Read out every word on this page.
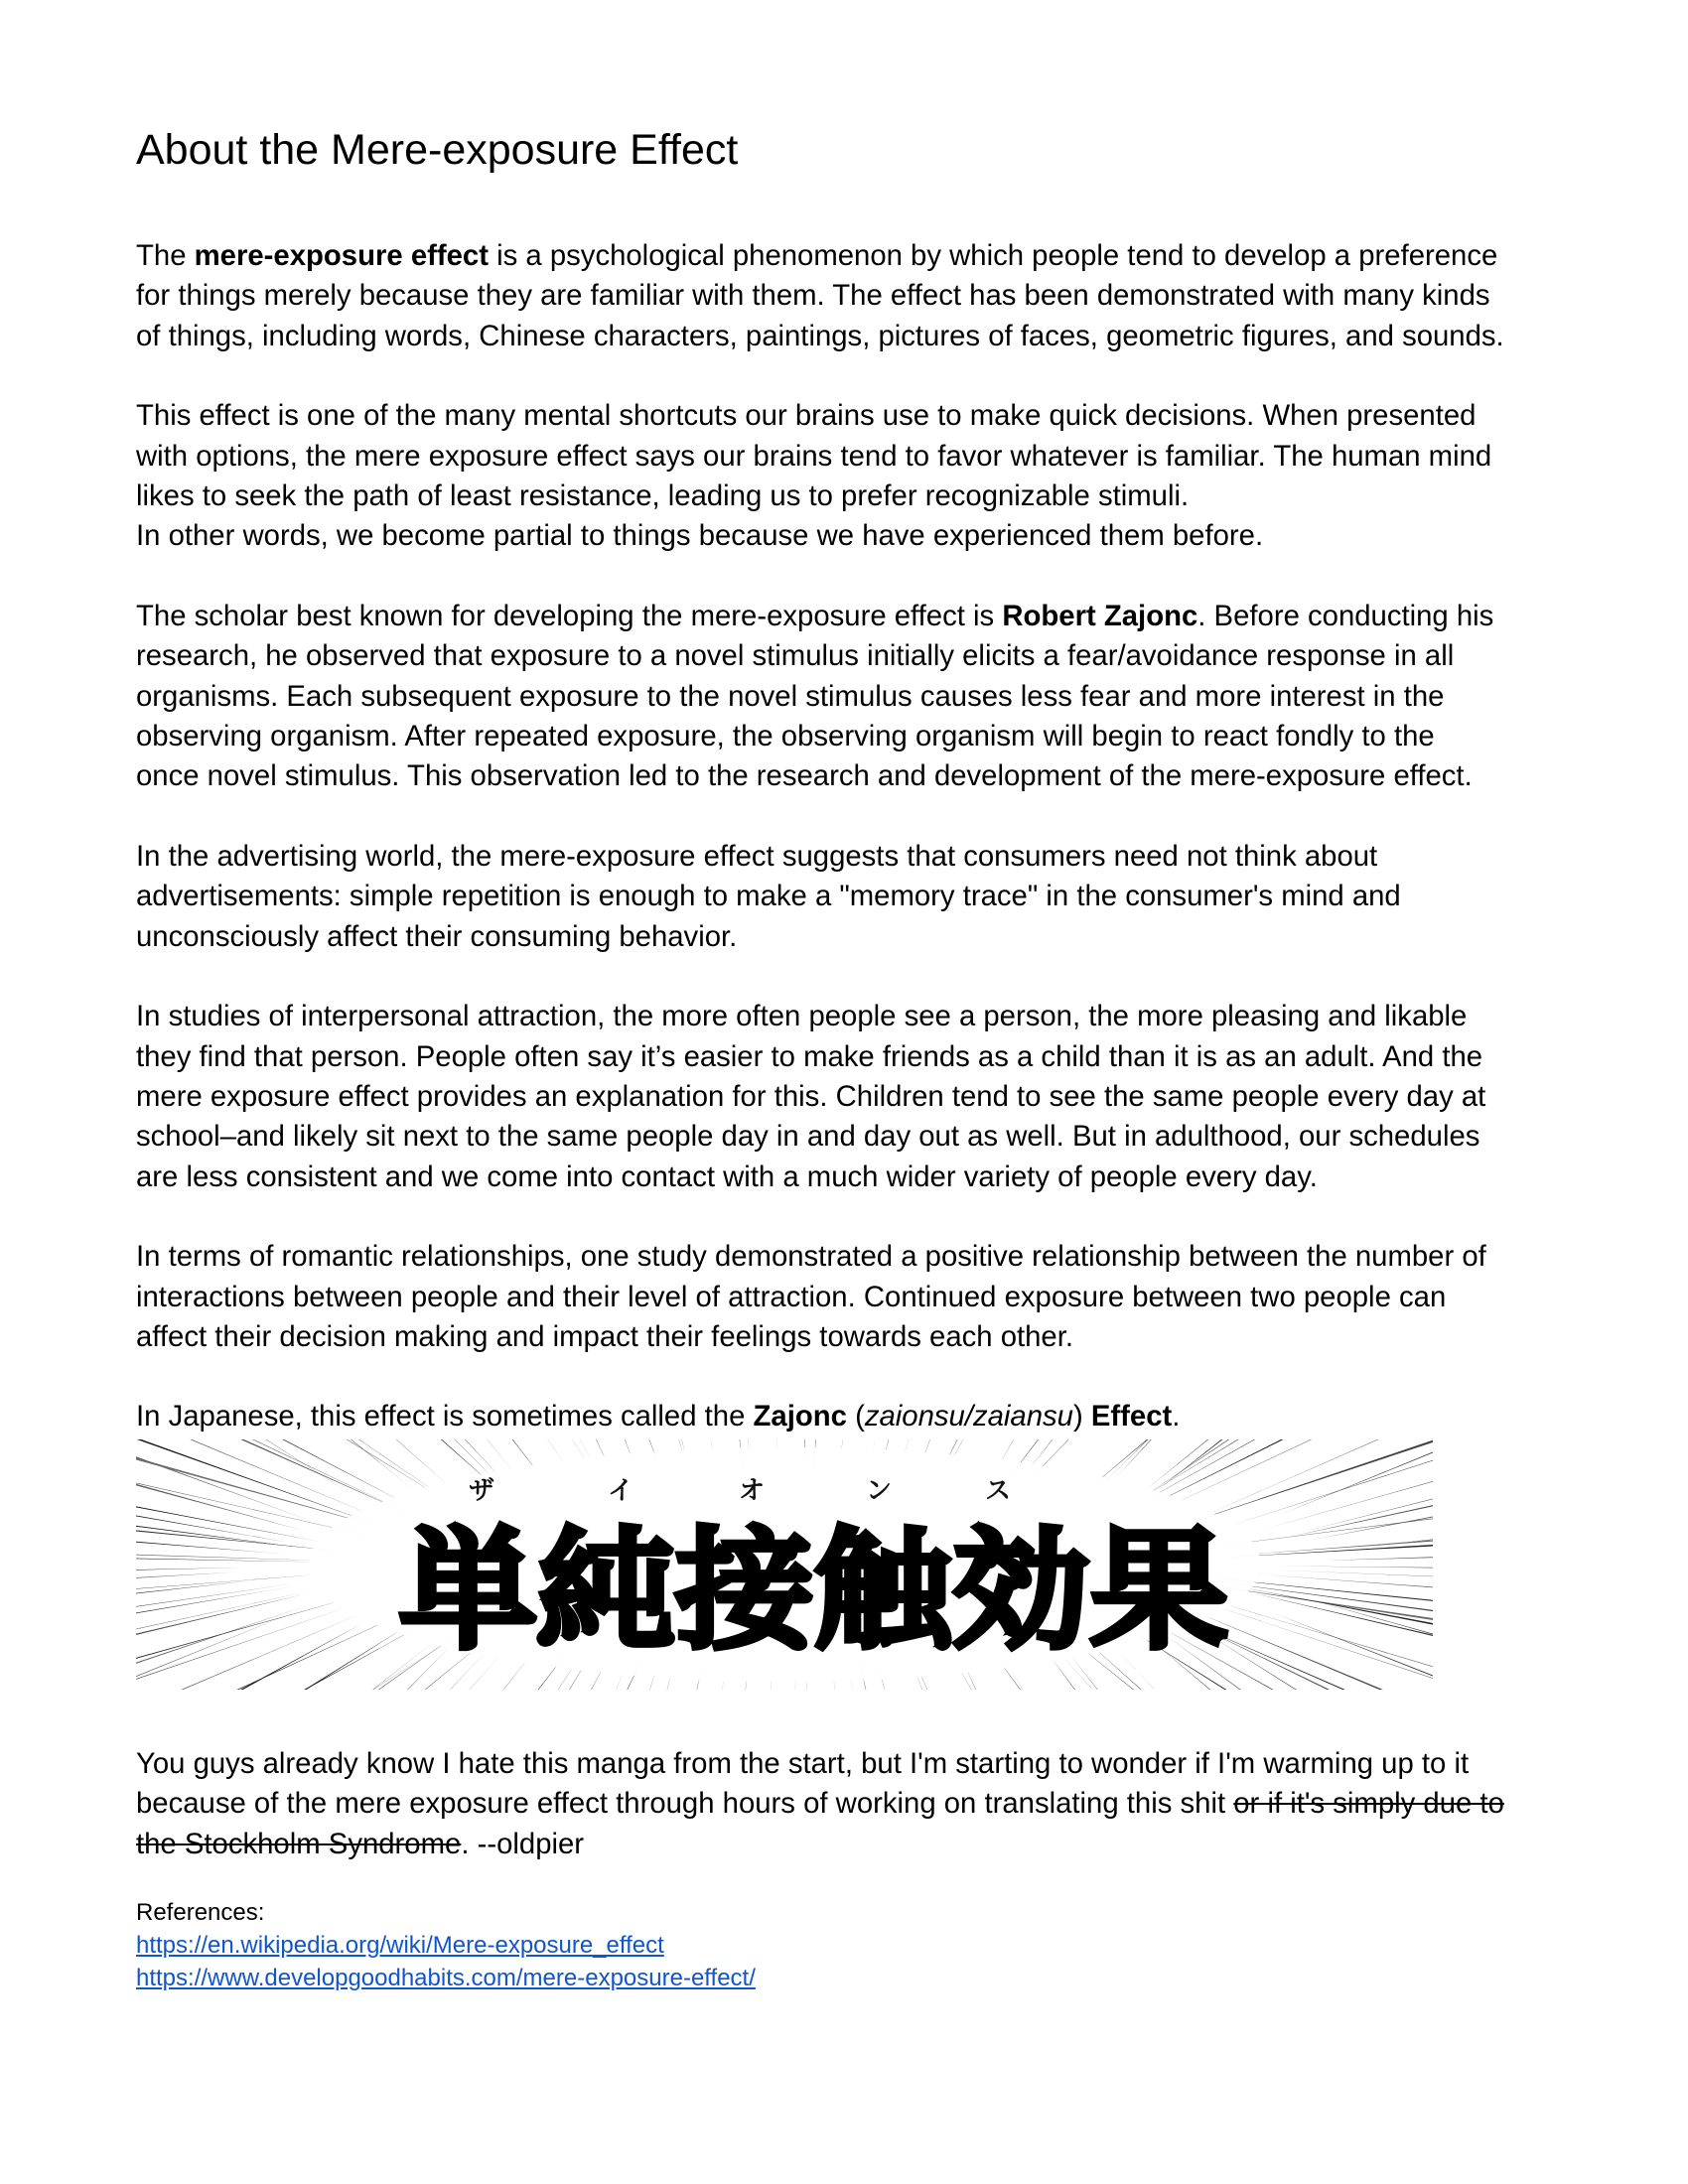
About the Mere-exposure Effect
The mere-exposure effect is a psychological phenomenon by which people tend to develop a preference
for things merely because they are familiar with them. The effect has been demonstrated with many kinds
of things, including words, Chinese characters, paintings, pictures of faces, geometric figures, and sounds.
This effect is one of the many mental shortcuts our brains use to make quick decisions. When presented
with options, the mere exposure effect says our brains tend to favor whatever is familiar. The human mind
likes to seek the path of least resistance, leading us to prefer recognizable stimuli.
In other words, we become partial to things because we have experienced them before.
The scholar best known for developing the mere-exposure effect is Robert Zajonc. Before conducting his
research, he observed that exposure to a novel stimulus initially elicits a fear/avoidance response in all
organisms. Each subsequent exposure to the novel stimulus causes less fear and more interest in the
observing organism. After repeated exposure, the observing organism will begin to react fondly to the
once novel stimulus. This observation led to the research and development of the mere-exposure effect.
In the advertising world, the mere-exposure effect suggests that consumers need not think about
advertisements: simple repetition is enough to make a "memory trace" in the consumer's mind and
unconsciously affect their consuming behavior.
In studies of interpersonal attraction, the more often people see a person, the more pleasing and likable
they find that person. People often say it’s easier to make friends as a child than it is as an adult. And the
mere exposure effect provides an explanation for this. Children tend to see the same people every day at
school–and likely sit next to the same people day in and day out as well. But in adulthood, our schedules
are less consistent and we come into contact with a much wider variety of people every day.
In terms of romantic relationships, one study demonstrated a positive relationship between the number of
interactions between people and their level of attraction. Continued exposure between two people can
affect their decision making and impact their feelings towards each other.
In Japanese, this effect is sometimes called the Zajonc (zaionsu/zaiansu) Effect.
ザ	イ	オ	ン	ス
単純接触効果
You guys already know I hate this manga from the start, but I'm starting to wonder if I'm warming up to it
because of the mere exposure effect through hours of working on translating this shit or if it's simply due to
the Stockholm Syndrome. --oldpier
References:
https://en.wikipedia.org/wiki/Mere-exposure_effect
https://www.developgoodhabits.com/mere-exposure-effect/
